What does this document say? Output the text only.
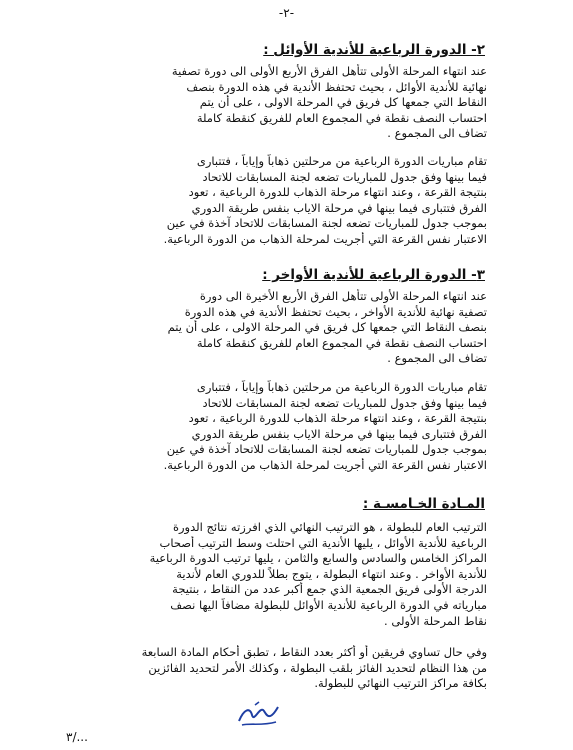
-٢-
٢- الدورة الرباعية للأندية الأوائل :
عند انتهاء المرحلة الأولى تتأهل الفرق الأربع الأولى الى دورة تصفية
نهائية للأندية الأوائل ، بحيث تحتفظ الأندية في هذه الدورة بنصف
النقاط التي جمعها كل فريق في المرحلة الاولى ، على أن يتم
احتساب النصف نقطة في المجموع العام للفريق كنقطة كاملة
تضاف الى المجموع .
تقام مباريات الدورة الرباعية من مرحلتين ذهاباً وإياباً ، فتتبارى
فيما بينها وفق جدول للمباريات تضعه لجنة المسابقات للاتحاد
بنتيجة القرعة ، وعند انتهاء مرحلة الذهاب للدورة الرباعية ، تعود
الفرق فتتبارى فيما بينها في مرحلة الاياب بنفس طريقة الدوري
بموجب جدول للمباريات تضعه لجنة المسابقات للاتحاد آخذة في عين
الاعتبار نفس القرعة التي أجريت لمرحلة الذهاب من الدورة الرباعية.
٣- الدورة الرباعية للأندية الأواخر :
عند انتهاء المرحلة الأولى تتأهل الفرق الأربع الأخيرة الى دورة
تصفية نهائية للأندية الأواخر ، بحيث تحتفظ الأندية في هذه الدورة
بنصف النقاط التي جمعها كل فريق في المرحلة الاولى ، على أن يتم
احتساب النصف نقطة في المجموع العام للفريق كنقطة كاملة
تضاف الى المجموع .
تقام مباريات الدورة الرباعية من مرحلتين ذهاباً وإياباً ، فتتبارى
فيما بينها وفق جدول للمباريات تضعه لجنة المسابقات للاتحاد
بنتيجة القرعة ، وعند انتهاء مرحلة الذهاب للدورة الرباعية ، تعود
الفرق فتتبارى فيما بينها في مرحلة الاياب بنفس طريقة الدوري
بموجب جدول للمباريات تضعه لجنة المسابقات للاتحاد آخذة في عين
الاعتبار نفس القرعة التي أجريت لمرحلة الذهاب من الدورة الرباعية.
المـادة الخـامسـة :
الترتيب العام للبطولة ، هو الترتيب النهائي الذي افرزته نتائج الدورة
الرباعية للأندية الأوائل ، يليها الأندية التي احتلت وسط الترتيب أصحاب
المراكز الخامس والسادس والسابع والثامن ، يليها ترتيب الدورة الرباعية
للأندية الأواخر . وعند انتهاء البطولة ، يتوج بطلاً للدوري العام لأندية
الدرجة الأولى فريق الجمعية الذي جمع أكبر عدد من النقاط ، بنتيجة
مبارياته في الدورة الرباعية للأندية الأوائل للبطولة مضافاً اليها نصف
نقاط المرحلة الأولى .
وفي حال تساوي فريقين أو أكثر بعدد النقاط ، تطبق أحكام المادة السابعة
من هذا النظام لتحديد الفائز بلقب البطولة ، وكذلك الأمر لتحديد الفائزين
بكافة مراكز الترتيب النهائي للبطولة.
٣/...
